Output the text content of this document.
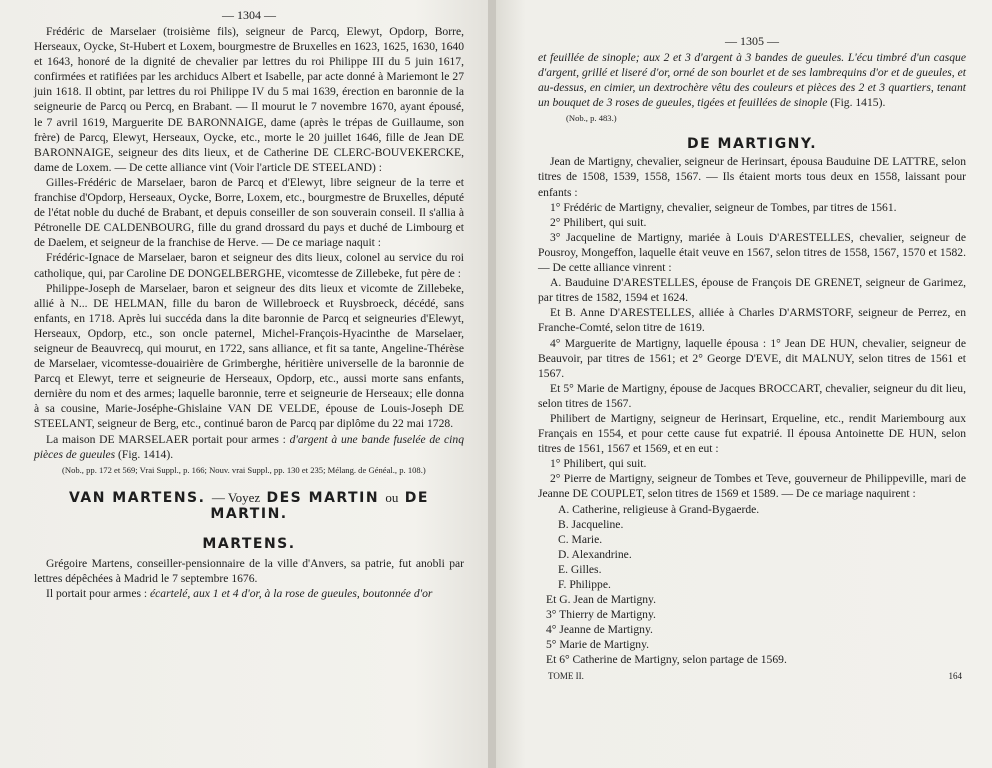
— 1304 —

Frédéric de Marselaer (troisième fils), seigneur de Parcq, Elewyt, Opdorp, Borre, Herseaux, Oycke, St-Hubert et Loxem, bourgmestre de Bruxelles en 1623, 1625, 1630, 1640 et 1643, honoré de la dignité de chevalier par lettres du roi Philippe III du 5 juin 1617, confirmées et ratifiées par les archiducs Albert et Isabelle, par acte donné à Mariemont le 27 juin 1618. Il obtint, par lettres du roi Philippe IV du 5 mai 1639, érection en baronnie de la seigneurie de Parcq ou Percq, en Brabant. — Il mourut le 7 novembre 1670, ayant épousé, le 7 avril 1619, Marguerite DE BARONNAIGE, dame (après le trépas de Guillaume, son frère) de Parcq, Elewyt, Herseaux, Oycke, etc., morte le 20 juillet 1646, fille de Jean DE BARONNAIGE, seigneur des dits lieux, et de Catherine DE CLERC-BOUVEKERCKE, dame de Loxem. — De cette alliance vint (Voir l'article DE STEELAND) :

Gilles-Frédéric de Marselaer, baron de Parcq et d'Elewyt, libre seigneur de la terre et franchise d'Opdorp, Herseaux, Oycke, Borre, Loxem, etc., bourgmestre de Bruxelles, député de l'état noble du duché de Brabant, et depuis conseiller de son souverain conseil. Il s'allia à Pétronelle DE CALDENBOURG, fille du grand drossard du pays et duché de Limbourg et de Daelem, et seigneur de la franchise de Herve. — De ce mariage naquit :

Frédéric-Ignace de Marselaer, baron et seigneur des dits lieux, colonel au service du roi catholique, qui, par Caroline DE DONGELBERGHE, vicomtesse de Zillebeke, fut père de :

Philippe-Joseph de Marselaer, baron et seigneur des dits lieux et vicomte de Zillebeke, allié à N... DE HELMAN, fille du baron de Willebroeck et Ruysbroeck, décédé, sans enfants, en 1718. Après lui succéda dans la dite baronnie de Parcq et seigneuries d'Elewyt, Herseaux, Opdorp, etc., son oncle paternel, Michel-François-Hyacinthe de Marselaer, seigneur de Beauvrecq, qui mourut, en 1722, sans alliance, et fit sa tante, Angeline-Thérèse de Marselaer, vicomtesse-douairière de Grimberghe, héritière universelle de la baronnie de Parcq et Elewyt, terre et seigneurie de Herseaux, Opdorp, etc., aussi morte sans enfants, dernière du nom et des armes; laquelle baronnie, terre et seigneurie de Herseaux; elle donna à sa cousine, Marie-Joséphe-Ghislaine VAN DE VELDE, épouse de Louis-Joseph DE STEELANT, seigneur de Berg, etc., continué baron de Parcq par diplôme du 22 mai 1728.

La maison DE MARSELAER portait pour armes : d'argent à une bande fuselée de cinq pièces de gueules (Fig. 1414).

(Nob., pp. 172 et 569; Vrai Suppl., p. 166; Nouv. vrai Suppl., pp. 130 et 235; Mélang. de Généal., p. 108.)
VAN MARTENS. — Voyez DES MARTIN ou DE MARTIN.
MARTENS.

Grégoire Martens, conseiller-pensionnaire de la ville d'Anvers, sa patrie, fut anobli par lettres dépêchées à Madrid le 7 septembre 1676.

Il portait pour armes : écartelé, aux 1 et 4 d'or, à la rose de gueules, boutonnée d'or

— 1305 —

et feuillée de sinople; aux 2 et 3 d'argent à 3 bandes de gueules. L'écu timbré d'un casque d'argent, grillé et liseré d'or, orné de son bourlet et de ses lambrequins d'or et de gueules, et au-dessus, en cimier, un dextrochère vêtu des couleurs et pièces des 2 et 3 quartiers, tenant un bouquet de 3 roses de gueules, tigées et feuillées de sinople (Fig. 1415).

(Nob., p. 483.)
DE MARTIGNY.

Jean de Martigny, chevalier, seigneur de Herinsart, épousa Bauduine DE LATTRE, selon titres de 1508, 1539, 1558, 1567. — Ils étaient morts tous deux en 1558, laissant pour enfants :

1° Frédéric de Martigny, chevalier, seigneur de Tombes, par titres de 1561.

2° Philibert, qui suit.

3° Jacqueline de Martigny, mariée à Louis D'ARESTELLES, chevalier, seigneur de Pousroy, Mongeffon, laquelle était veuve en 1567, selon titres de 1558, 1567, 1570 et 1582. — De cette alliance vinrent :

A. Bauduine D'ARESTELLES, épouse de François DE GRENET, seigneur de Garimez, par titres de 1582, 1594 et 1624.

Et B. Anne D'ARESTELLES, alliée à Charles D'ARMSTORF, seigneur de Perrez, en Franche-Comté, selon titre de 1619.

4° Marguerite de Martigny, laquelle épousa : 1° Jean DE HUN, chevalier, seigneur de Beauvoir, par titres de 1561; et 2° George D'EVE, dit MALNUY, selon titres de 1561 et 1567.

Et 5° Marie de Martigny, épouse de Jacques BROCCART, chevalier, seigneur du dit lieu, selon titres de 1567.

Philibert de Martigny, seigneur de Herinsart, Erqueline, etc., rendit Mariembourg aux Français en 1554, et pour cette cause fut expatrié. Il épousa Antoinette DE HUN, selon titres de 1561, 1567 et 1569, et en eut :

1° Philibert, qui suit.

2° Pierre de Martigny, seigneur de Tombes et Teve, gouverneur de Philippeville, mari de Jeanne DE COUPLET, selon titres de 1569 et 1589. — De ce mariage naquirent :

A. Catherine, religieuse à Grand-Bygaerde.
B. Jacqueline.
C. Marie.
D. Alexandrine.
E. Gilles.
F. Philippe.
Et G. Jean de Martigny.
3° Thierry de Martigny.
4° Jeanne de Martigny.
5° Marie de Martigny.
Et 6° Catherine de Martigny, selon partage de 1569.
TOME II.	164
